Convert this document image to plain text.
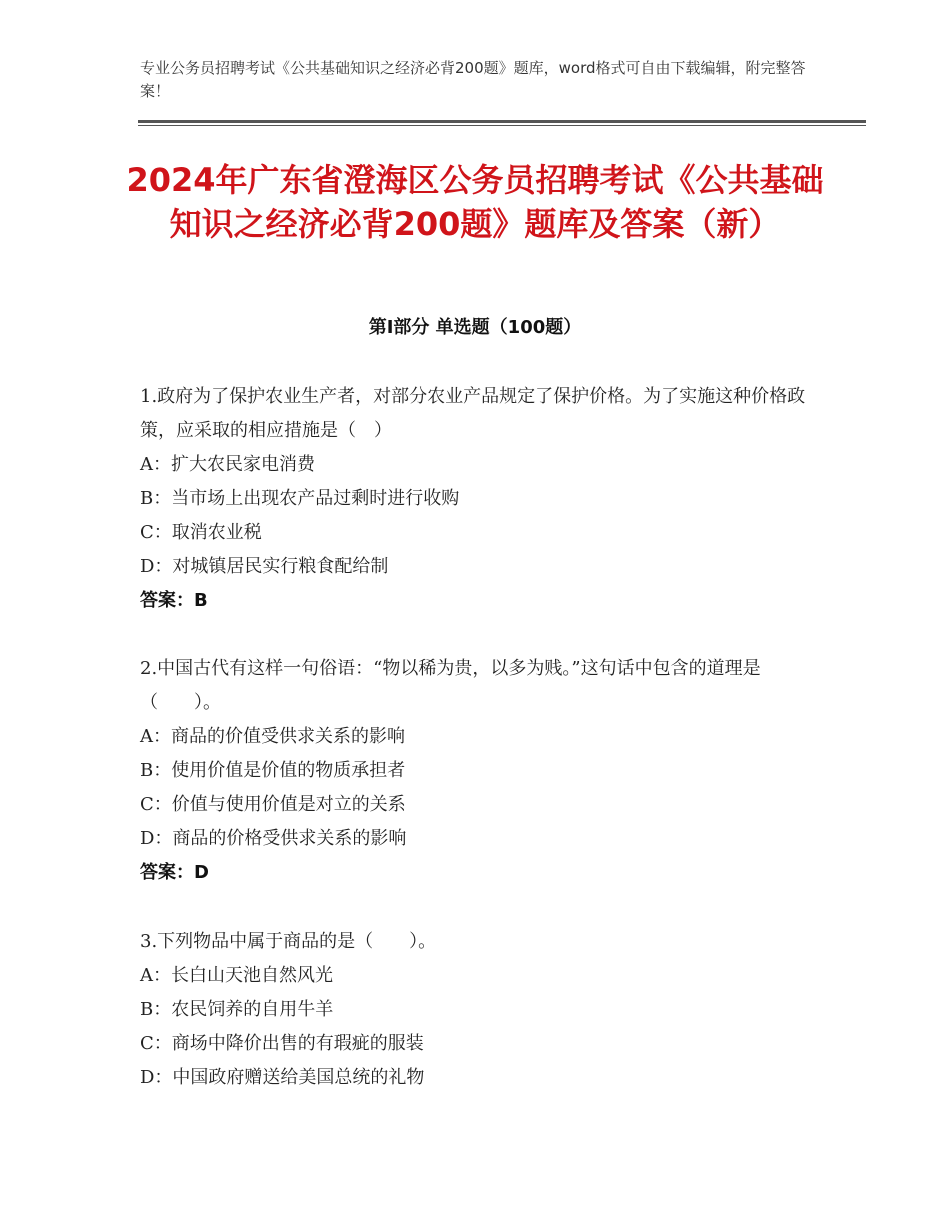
专业公务员招聘考试《公共基础知识之经济必背200题》题库，word格式可自由下载编辑，附完整答案！
2024年广东省澄海区公务员招聘考试《公共基础知识之经济必背200题》题库及答案（新）
第Ⅰ部分 单选题（100题）

1.政府为了保护农业生产者，对部分农业产品规定了保护价格。为了实施这种价格政策，应采取的相应措施是（　）

A：扩大农民家电消费

B：当市场上出现农产品过剩时进行收购

C：取消农业税

D：对城镇居民实行粮食配给制

答案：B

2.中国古代有这样一句俗语：“物以稀为贵，以多为贱。”这句话中包含的道理是（　　）。

A：商品的价值受供求关系的影响

B：使用价值是价值的物质承担者

C：价值与使用价值是对立的关系

D：商品的价格受供求关系的影响

答案：D

3.下列物品中属于商品的是（　　）。

A：长白山天池自然风光

B：农民饲养的自用牛羊

C：商场中降价出售的有瑕疵的服装

D：中国政府赠送给美国总统的礼物
